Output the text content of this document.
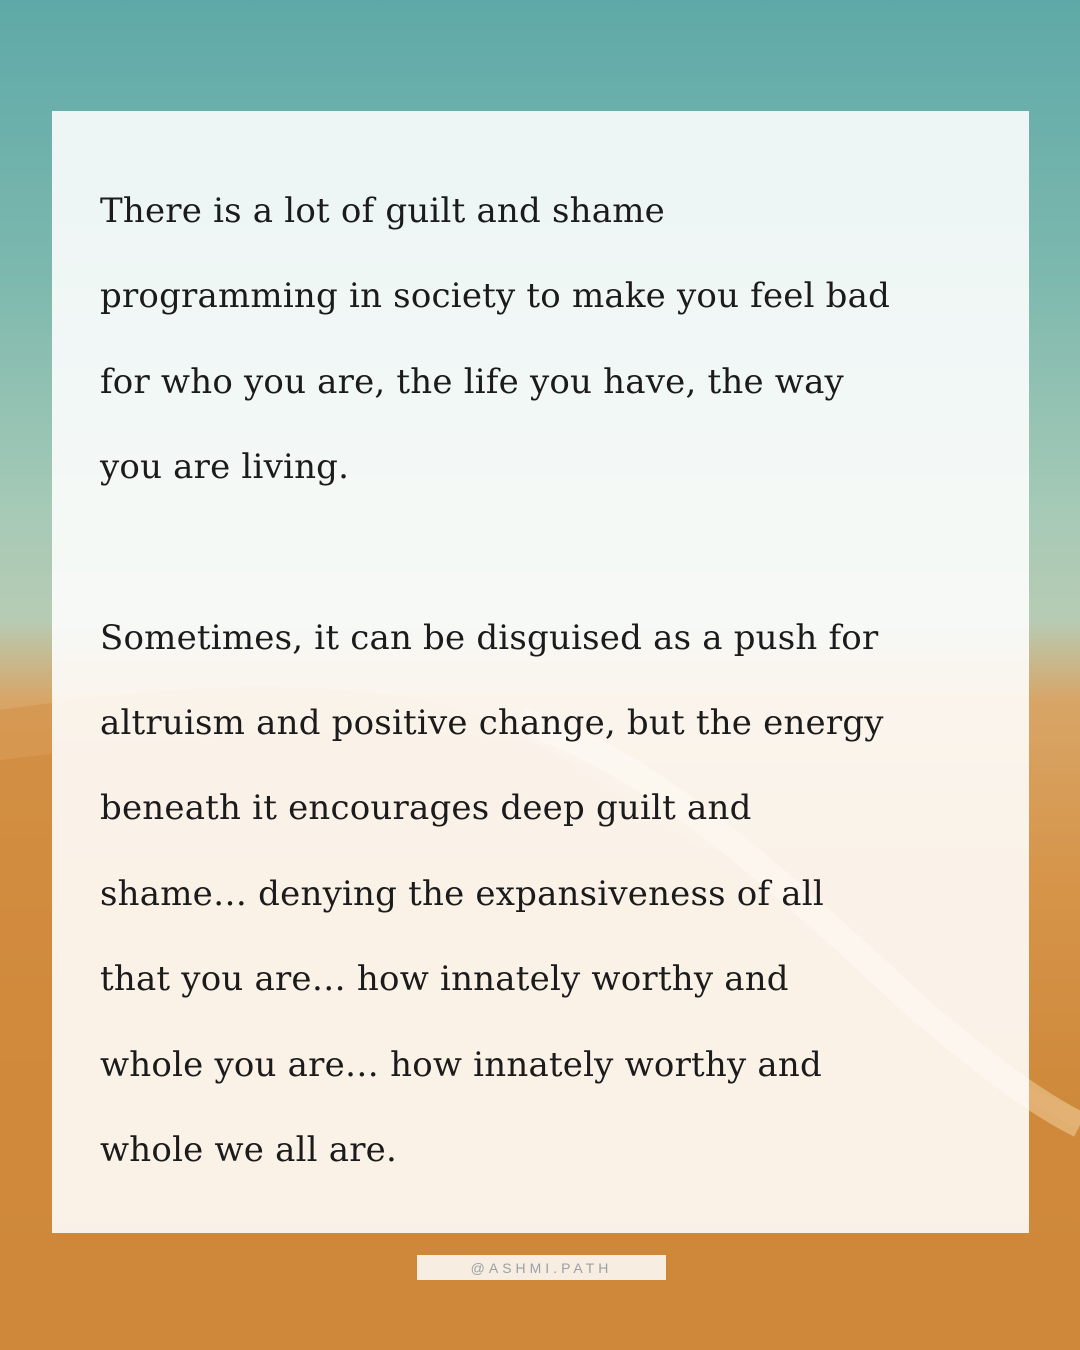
There is a lot of guilt and shame
programming in society to make you feel bad
for who you are, the life you have, the way
you are living.

Sometimes, it can be disguised as a push for
altruism and positive change, but the energy
beneath it encourages deep guilt and
shame… denying the expansiveness of all
that you are… how innately worthy and
whole you are… how innately worthy and
whole we all are.

@ASHMI.PATH
